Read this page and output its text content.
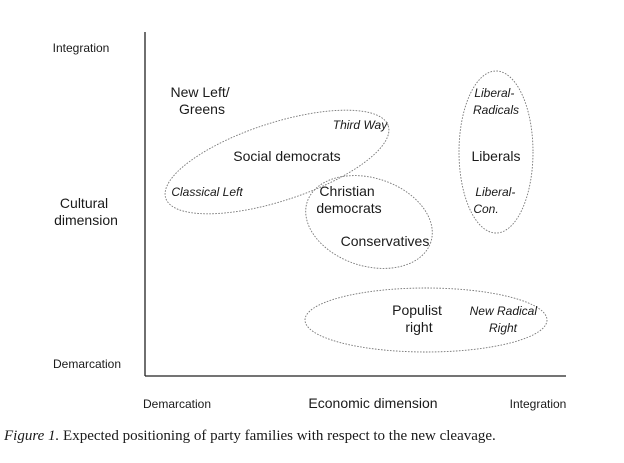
Integration
Cultural dimension
Demarcation
Demarcation	Economic dimension	Integration
New Left/ Greens
Third Way
Social democrats
Classical Left	Christian democrats
Conservatives
Liberal- Radicals
Liberals
Liberal- Con.
Populist right
New Radical Right
Figure 1. Expected positioning of party families with respect to the new cleavage.
